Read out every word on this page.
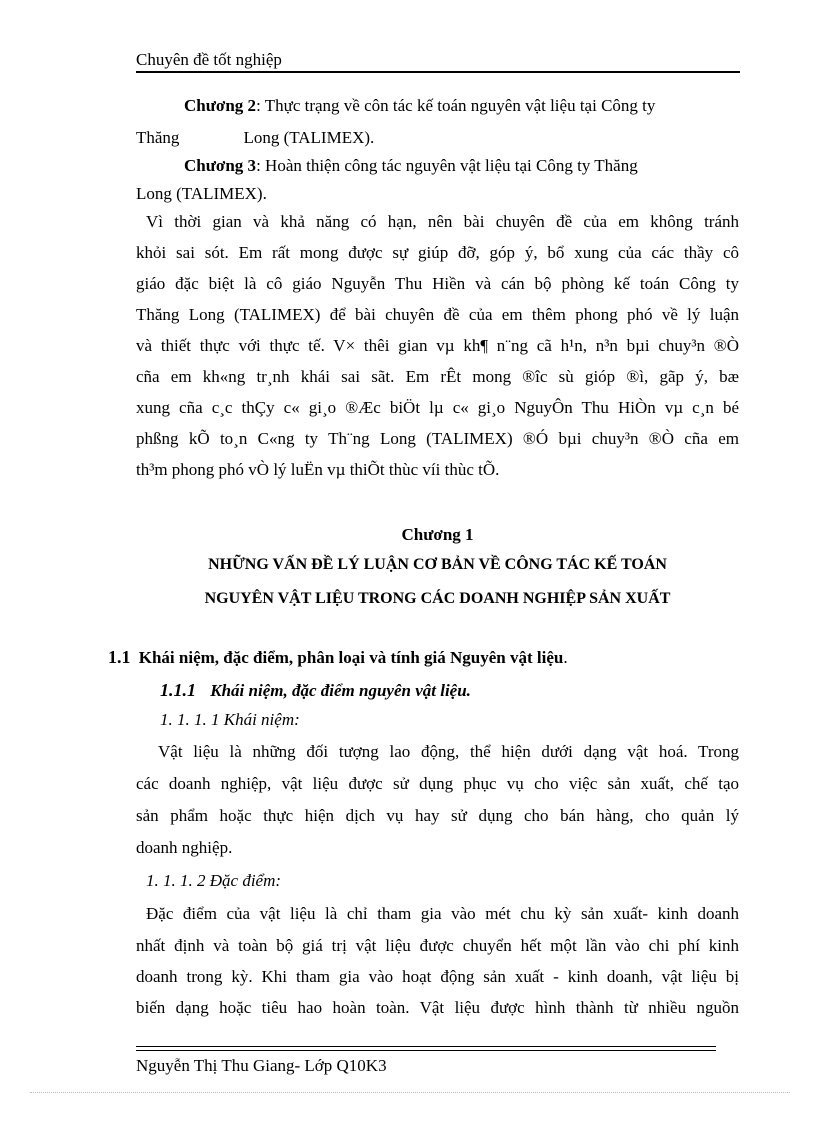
Chuyên đề tốt nghiệp
Chương 2: Thực trạng về côn tác kế toán nguyên vật liệu tại Công ty
Thăng	Long (TALIMEX).
Chương 3: Hoàn thiện công tác nguyên vật liệu tại Công ty Thăng
Long (TALIMEX).
Vì thời gian và khả năng có hạn, nên bài chuyên đề của em không tránh
khỏi sai sót. Em rất mong được sự giúp đỡ, góp ý, bổ xung của các thầy cô
giáo đặc biệt là cô giáo Nguyễn Thu Hiền và cán bộ phòng kế toán Công ty
Thăng Long (TALIMEX) để bài chuyên đề của em thêm phong phó về lý luận
và thiết thực với thực tế. V× thêi gian vµ kh¶ n¨ng cã h¹n, n³n bµi chuy³n ®Ò
cña em kh«ng tr¸nh khái sai sãt. Em rÊt mong ®îc sù gióp ®ì, gãp ý, bæ
xung cña c¸c thÇy c« gi¸o ®Æc biÖt lµ c« gi¸o NguyÔn Thu HiÒn vµ c¸n bé
phßng kÕ to¸n C«ng ty Th¨ng Long (TALIMEX) ®Ó bµi chuy³n ®Ò cña em
th³m phong phó vÒ lý luËn vµ thiÕt thùc víi thùc tÕ.
Chương 1
NHỮNG VẤN ĐỀ LÝ LUẬN CƠ BẢN VỀ CÔNG TÁC KẾ TOÁN
NGUYÊN VẬT LIỆU TRONG CÁC DOANH NGHIỆP SẢN XUẤT
1.1 Khái niệm, đặc điểm, phân loại và tính giá Nguyên vật liệu.
1.1.1 Khái niệm, đặc điểm nguyên vật liệu.
1. 1. 1. 1 Khái niệm:
Vật liệu là những đối tượng lao động, thể hiện dưới dạng vật hoá. Trong
các doanh nghiệp, vật liệu được sử dụng phục vụ cho việc sản xuất, chế tạo
sản phẩm hoặc thực hiện dịch vụ hay sử dụng cho bán hàng, cho quản lý
doanh nghiệp.
1. 1. 1. 2 Đặc điểm:
Đặc điểm của vật liệu là chỉ tham gia vào mét chu kỳ sản xuất- kinh doanh
nhất định và toàn bộ giá trị vật liệu được chuyển hết một lần vào chi phí kinh
doanh trong kỳ. Khi tham gia vào hoạt động sản xuất - kinh doanh, vật liệu bị
biến dạng hoặc tiêu hao hoàn toàn. Vật liệu được hình thành từ nhiều nguồn
Nguyễn Thị Thu Giang- Lớp Q10K3
